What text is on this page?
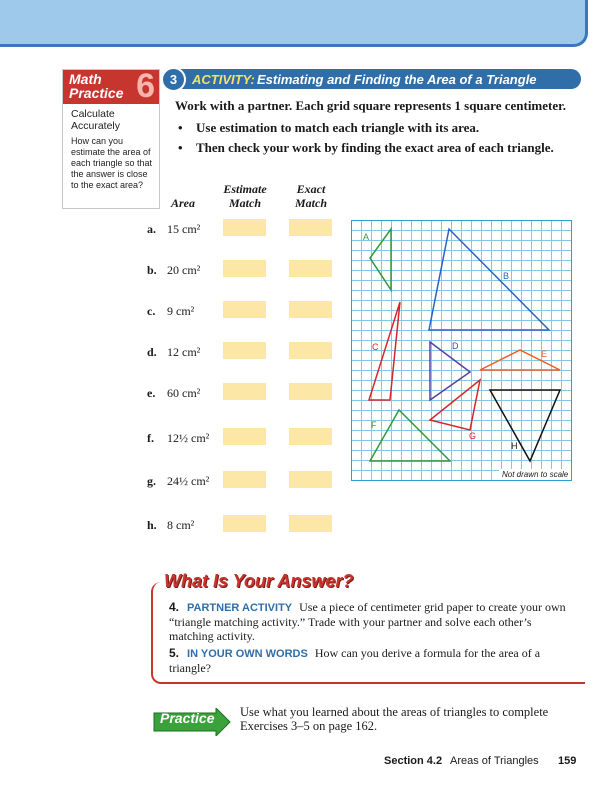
Math Practice 6
Calculate Accurately
How can you estimate the area of each triangle so that the answer is close to the exact area?
3	ACTIVITY: Estimating and Finding the Area of a Triangle
Work with a partner. Each grid square represents 1 square centimeter.
• Use estimation to match each triangle with its area.
• Then check your work by finding the exact area of each triangle.
Area
Estimate
Match
Exact
Match
a. 15 cm²
b. 20 cm²
c. 9 cm²
d. 12 cm²
e. 60 cm²
f. 12½ cm²
g. 24½ cm²
h. 8 cm²
A
B
C	D
E
F
G
H
Not drawn to scale
What Is Your Answer?
4. PARTNER ACTIVITY Use a piece of centimeter grid paper to create your own “triangle matching activity.” Trade with your partner and solve each other’s matching activity.
5. IN YOUR OWN WORDS How can you derive a formula for the area of a triangle?
Practice Use what you learned about the areas of triangles to complete Exercises 3–5 on page 162.
Section 4.2 Areas of Triangles 159
